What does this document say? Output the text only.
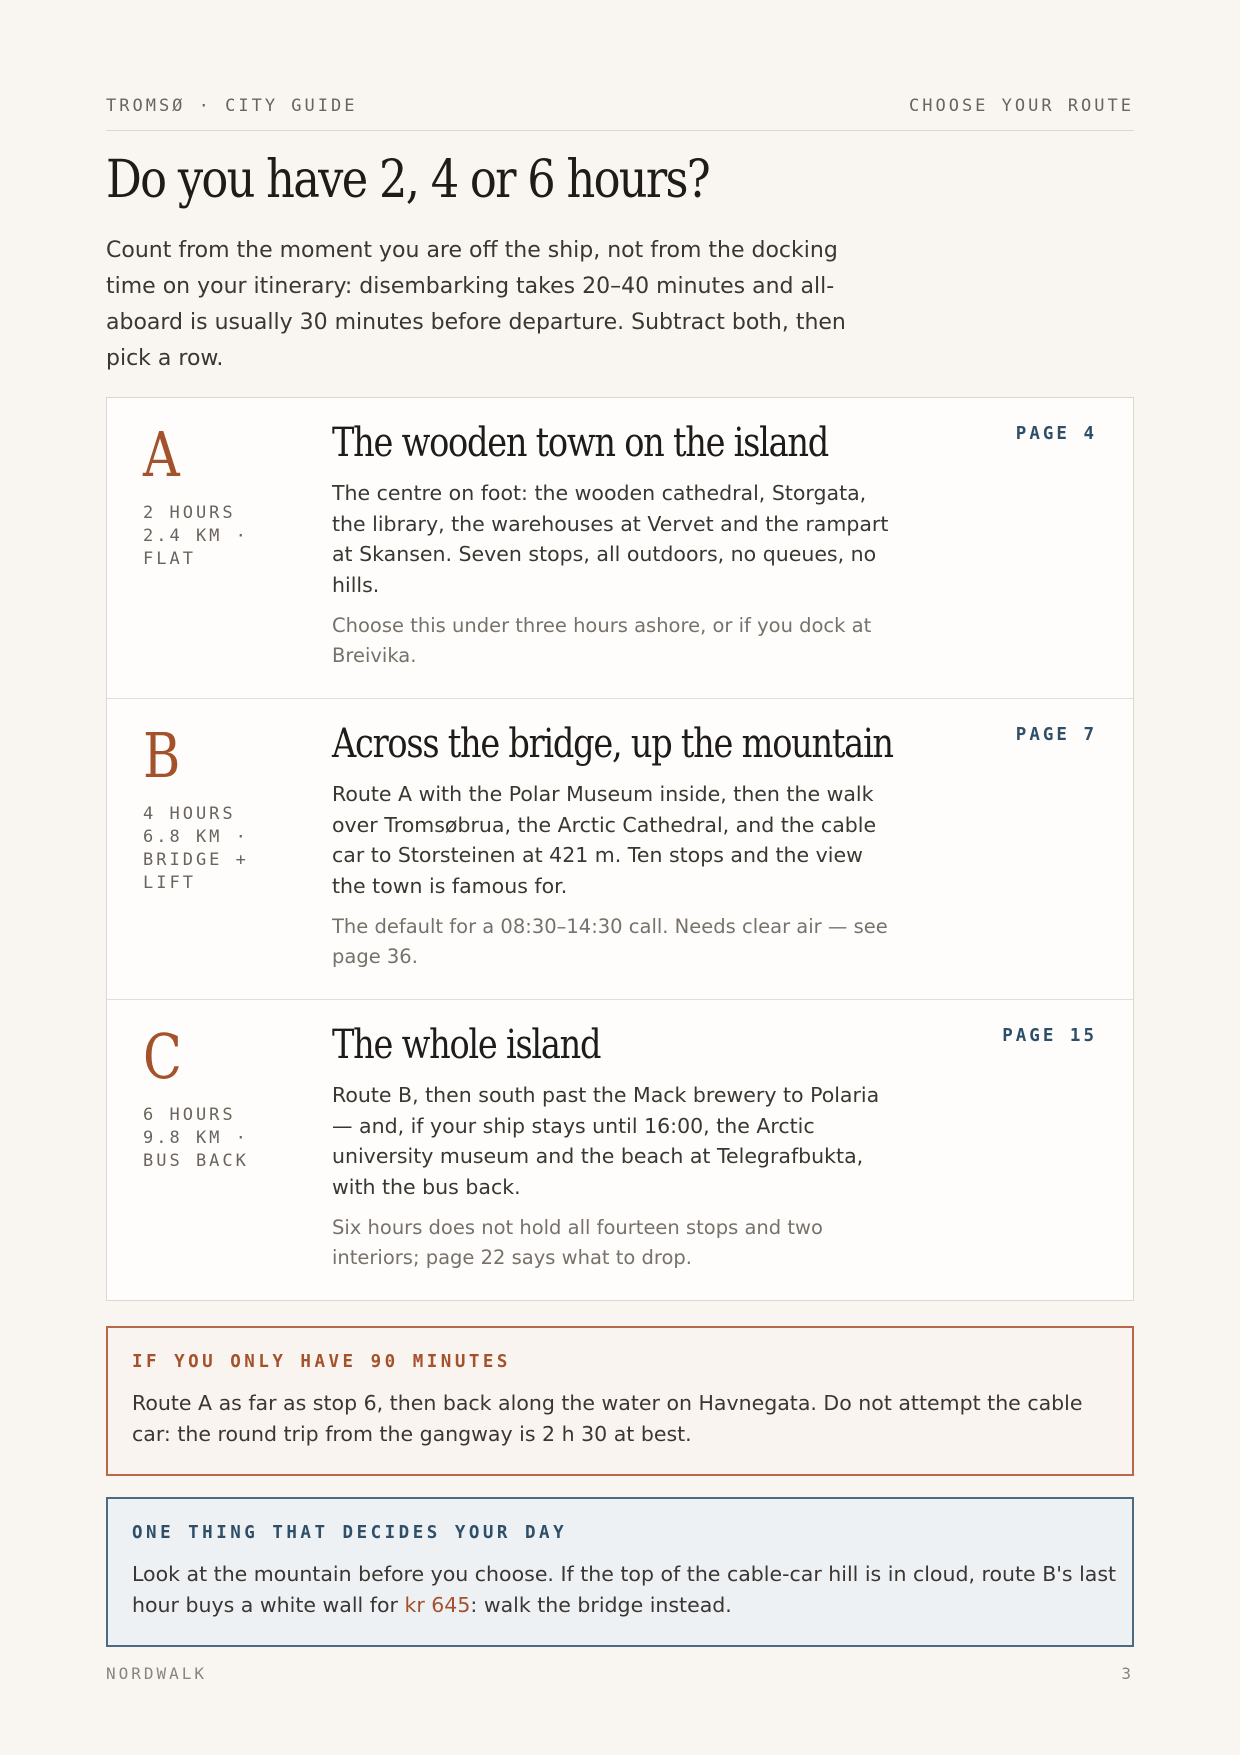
TROMSØ · CITY GUIDE	CHOOSE YOUR ROUTE
Do you have 2, 4 or 6 hours?

Count from the moment you are off the ship, not from the docking time on your itinerary: disembarking takes 20–40 minutes and all-aboard is usually 30 minutes before departure. Subtract both, then pick a row.

A
2 HOURS 2.4 KM · FLAT
The wooden town on the island

The centre on foot: the wooden cathedral, Storgata, the library, the warehouses at Vervet and the rampart at Skansen. Seven stops, all outdoors, no queues, no hills.

Choose this under three hours ashore, or if you dock at Breivika.

PAGE 4
B
4 HOURS 6.8 KM · BRIDGE + LIFT
Across the bridge, up the mountain

Route A with the Polar Museum inside, then the walk over Tromsøbrua, the Arctic Cathedral, and the cable car to Storsteinen at 421 m. Ten stops and the view the town is famous for.

The default for a 08:30–14:30 call. Needs clear air — see page 36.

PAGE 7
C
6 HOURS 9.8 KM · BUS BACK
The whole island

Route B, then south past the Mack brewery to Polaria — and, if your ship stays until 16:00, the Arctic university museum and the beach at Telegrafbukta, with the bus back.

Six hours does not hold all fourteen stops and two interiors; page 22 says what to drop.

PAGE 15
IF YOU ONLY HAVE 90 MINUTES

Route A as far as stop 6, then back along the water on Havnegata. Do not attempt the cable car: the round trip from the gangway is 2 h 30 at best.

ONE THING THAT DECIDES YOUR DAY

Look at the mountain before you choose. If the top of the cable-car hill is in cloud, route B's last hour buys a white wall for kr 645: walk the bridge instead.

NORDWALK	3
